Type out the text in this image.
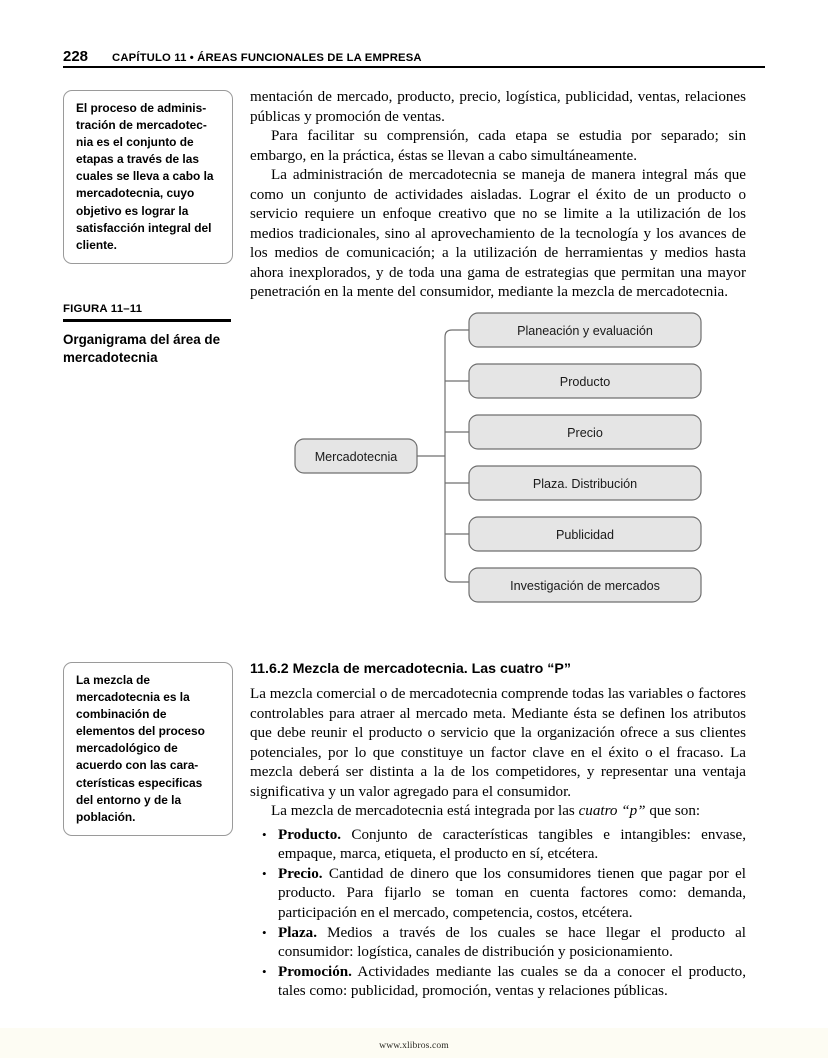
228 CAPÍTULO 11 • ÁREAS FUNCIONALES DE LA EMPRESA
El proceso de adminis-tración de mercadotec-nia es el conjunto de etapas a través de las cuales se lleva a cabo la mercadotecnia, cuyo objetivo es lograr la satisfacción integral del cliente.
FIGURA 11–11
Organigrama del área de mercadotecnia
La mezcla de mercadotecnia es la combinación de elementos del proceso mercadológico de acuerdo con las cara-cterísticas especificas del entorno y de la población.

mentación de mercado, producto, precio, logística, publicidad, ventas, relaciones públicas y promoción de ventas.

Para facilitar su comprensión, cada etapa se estudia por separado; sin embargo, en la práctica, éstas se llevan a cabo simultáneamente.

La administración de mercadotecnia se maneja de manera integral más que como un conjunto de actividades aisladas. Lograr el éxito de un producto o servicio requiere un enfoque creativo que no se limite a la utilización de los medios tradicionales, sino al aprovechamiento de la tecnología y los avances de los medios de comunicación; a la utilización de herramientas y medios hasta ahora inexplorados, y de toda una gama de estrategias que permitan una mayor penetración en la mente del consumidor, mediante la mezcla de mercadotecnia.

Mercadotecnia
Planeación y evaluación
Producto
Precio
Plaza. Distribución
Publicidad
Investigación de mercados
11.6.2 Mezcla de mercadotecnia. Las cuatro “P”

La mezcla comercial o de mercadotecnia comprende todas las variables o factores controlables para atraer al mercado meta. Mediante ésta se definen los atributos que debe reunir el producto o servicio que la organización ofrece a sus clientes potenciales, por lo que constituye un factor clave en el éxito o el fracaso. La mezcla deberá ser distinta a la de los competidores, y representar una ventaja significativa y un valor agregado para el consumidor.

La mezcla de mercadotecnia está integrada por las cuatro “p” que son:

• Producto. Conjunto de características tangibles e intangibles: envase, empaque, marca, etiqueta, el producto en sí, etcétera.
• Precio. Cantidad de dinero que los consumidores tienen que pagar por el producto. Para fijarlo se toman en cuenta factores como: demanda, participación en el mercado, competencia, costos, etcétera.
• Plaza. Medios a través de los cuales se hace llegar el producto al consumidor: logística, canales de distribución y posicionamiento.
• Promoción. Actividades mediante las cuales se da a conocer el producto, tales como: publicidad, promoción, ventas y relaciones públicas.
www.xlibros.com
